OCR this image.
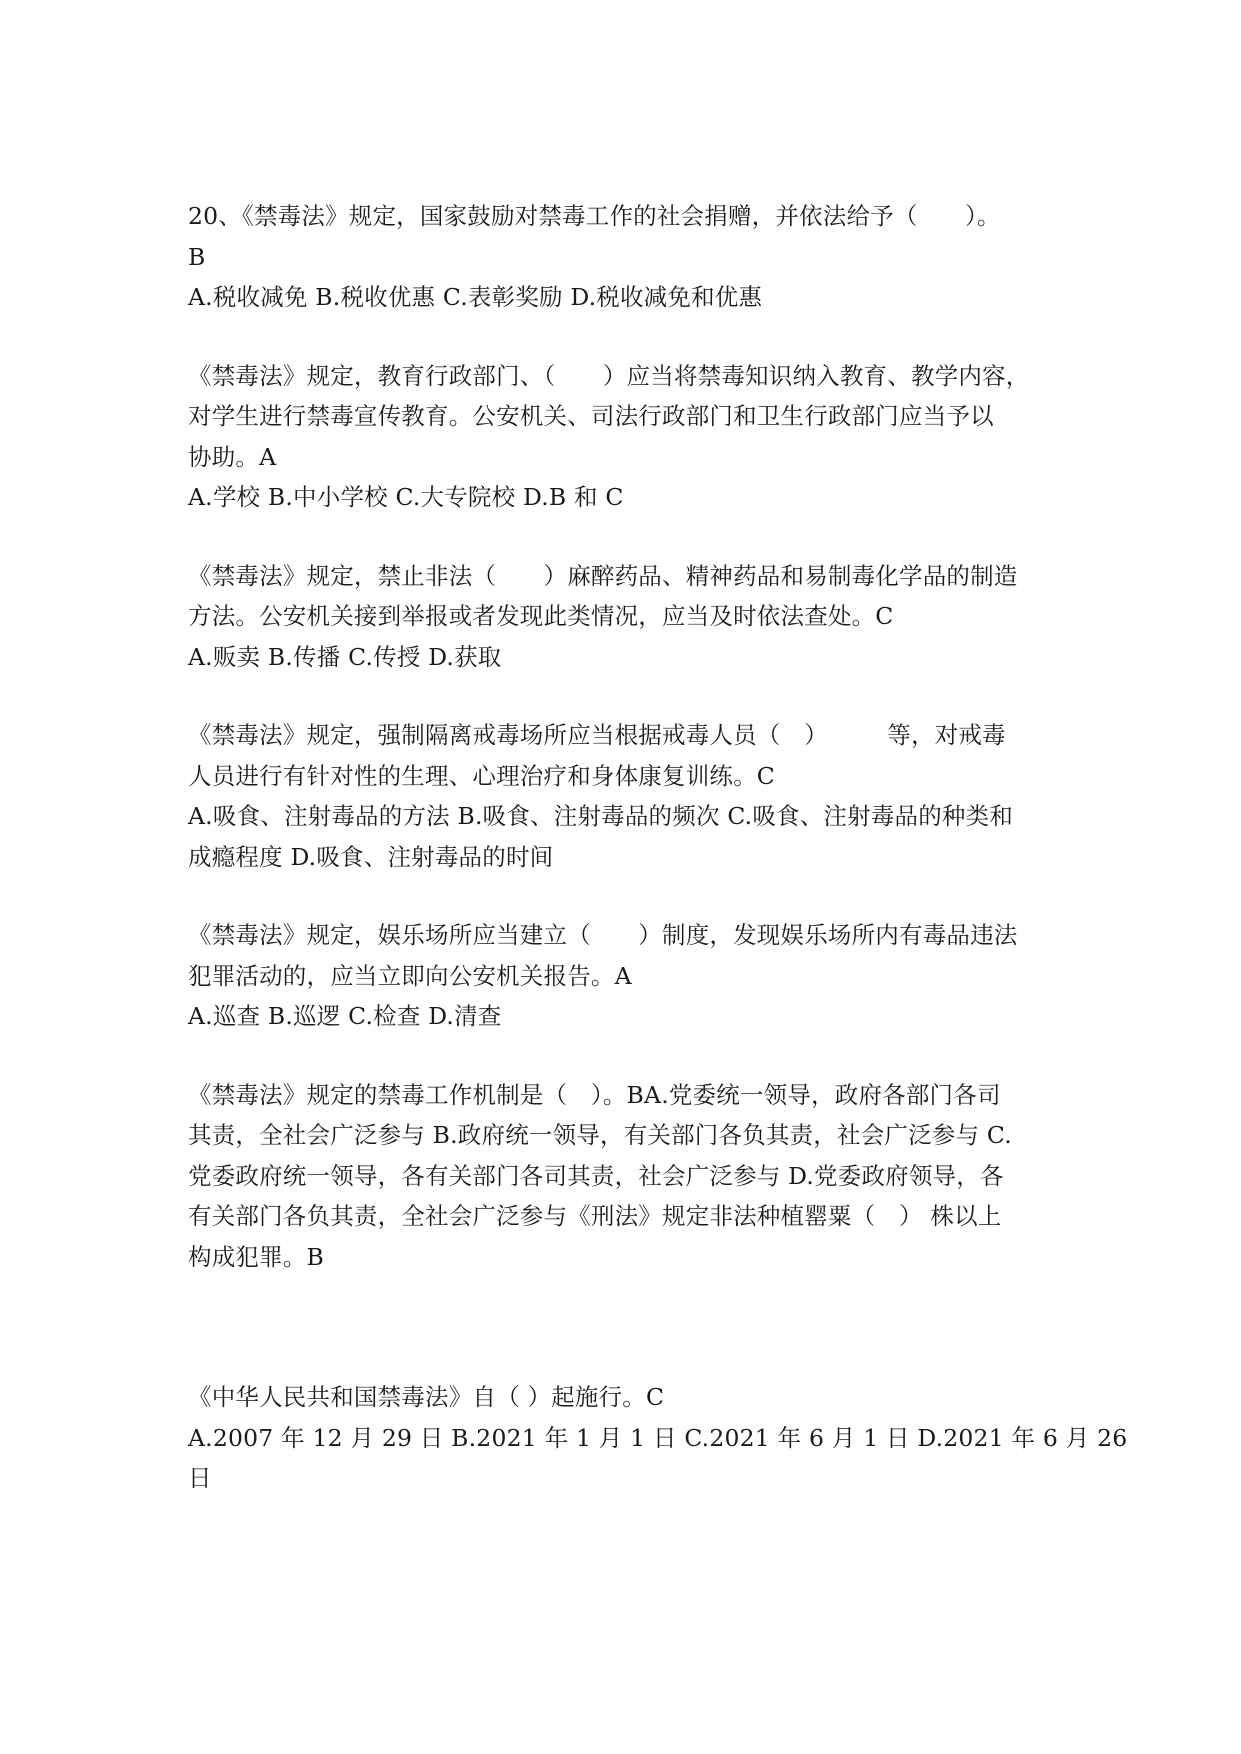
20、《禁毒法》规定，国家鼓励对禁毒工作的社会捐赠，并依法给予（　　）。
B
A.税收减免 B.税收优惠 C.表彰奖励 D.税收减免和优惠
《禁毒法》规定，教育行政部门、（　　）应当将禁毒知识纳入教育、教学内容，
对学生进行禁毒宣传教育。公安机关、司法行政部门和卫生行政部门应当予以
协助。A
A.学校 B.中小学校 C.大专院校 D.B 和 C
《禁毒法》规定，禁止非法（　　）麻醉药品、精神药品和易制毒化学品的制造
方法。公安机关接到举报或者发现此类情况，应当及时依法查处。C
A.贩卖 B.传播 C.传授 D.获取
《禁毒法》规定，强制隔离戒毒场所应当根据戒毒人员（　）　　　等，对戒毒
人员进行有针对性的生理、心理治疗和身体康复训练。C
A.吸食、注射毒品的方法 B.吸食、注射毒品的频次 C.吸食、注射毒品的种类和
成瘾程度 D.吸食、注射毒品的时间
《禁毒法》规定，娱乐场所应当建立（　　）制度，发现娱乐场所内有毒品违法
犯罪活动的，应当立即向公安机关报告。A
A.巡查 B.巡逻 C.检查 D.清查
《禁毒法》规定的禁毒工作机制是（　）。BA.党委统一领导，政府各部门各司
其责，全社会广泛参与 B.政府统一领导，有关部门各负其责，社会广泛参与 C.
党委政府统一领导，各有关部门各司其责，社会广泛参与 D.党委政府领导，各
有关部门各负其责，全社会广泛参与《刑法》规定非法种植罂粟（　） 株以上
构成犯罪。B
《中华人民共和国禁毒法》自（ ）起施行。C
A.2007 年 12 月 29 日 B.2021 年 1 月 1 日 C.2021 年 6 月 1 日 D.2021 年 6 月 26
日
